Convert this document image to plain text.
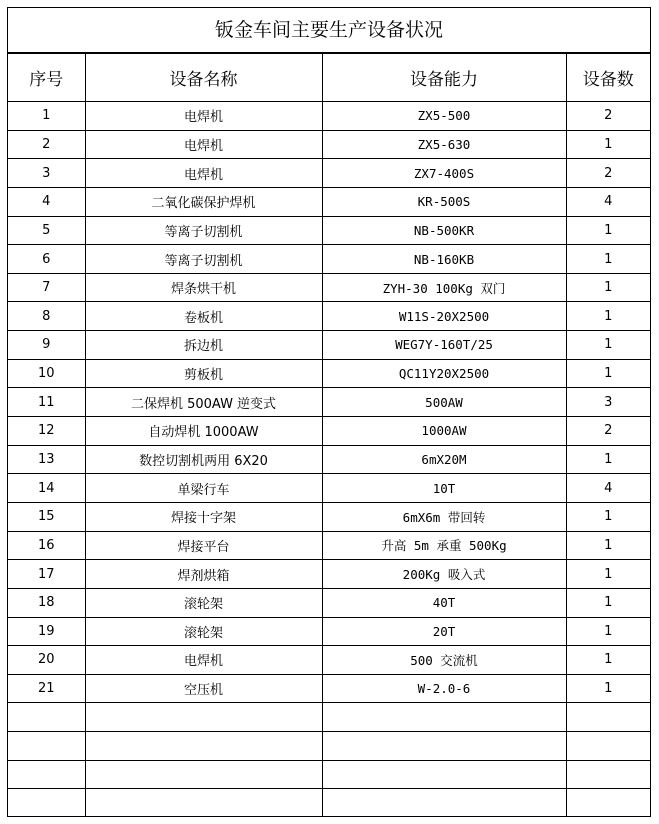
钣金车间主要生产设备状况
序号	设备名称	设备能力	设备数
1	电焊机	ZX5-500	2
2	电焊机	ZX5-630	1
3	电焊机	ZX7-400S	2
4	二氧化碳保护焊机	KR-500S	4
5	等离子切割机	NB-500KR	1
6	等离子切割机	NB-160KB	1
7	焊条烘干机	ZYH-30 100Kg 双门	1
8	卷板机	W11S-20X2500	1
9	拆边机	WEG7Y-160T/25	1
10	剪板机	QC11Y20X2500	1
11	二保焊机 500AW 逆变式	500AW	3
12	自动焊机 1000AW	1000AW	2
13	数控切割机两用 6X20	6mX20M	1
14	单梁行车	10T	4
15	焊接十字架	6mX6m 带回转	1
16	焊接平台	升高 5m 承重 500Kg	1
17	焊剂烘箱	200Kg 吸入式	1
18	滚轮架	40T	1
19	滚轮架	20T	1
20	电焊机	500 交流机	1
21	空压机	W-2.0-6	1
